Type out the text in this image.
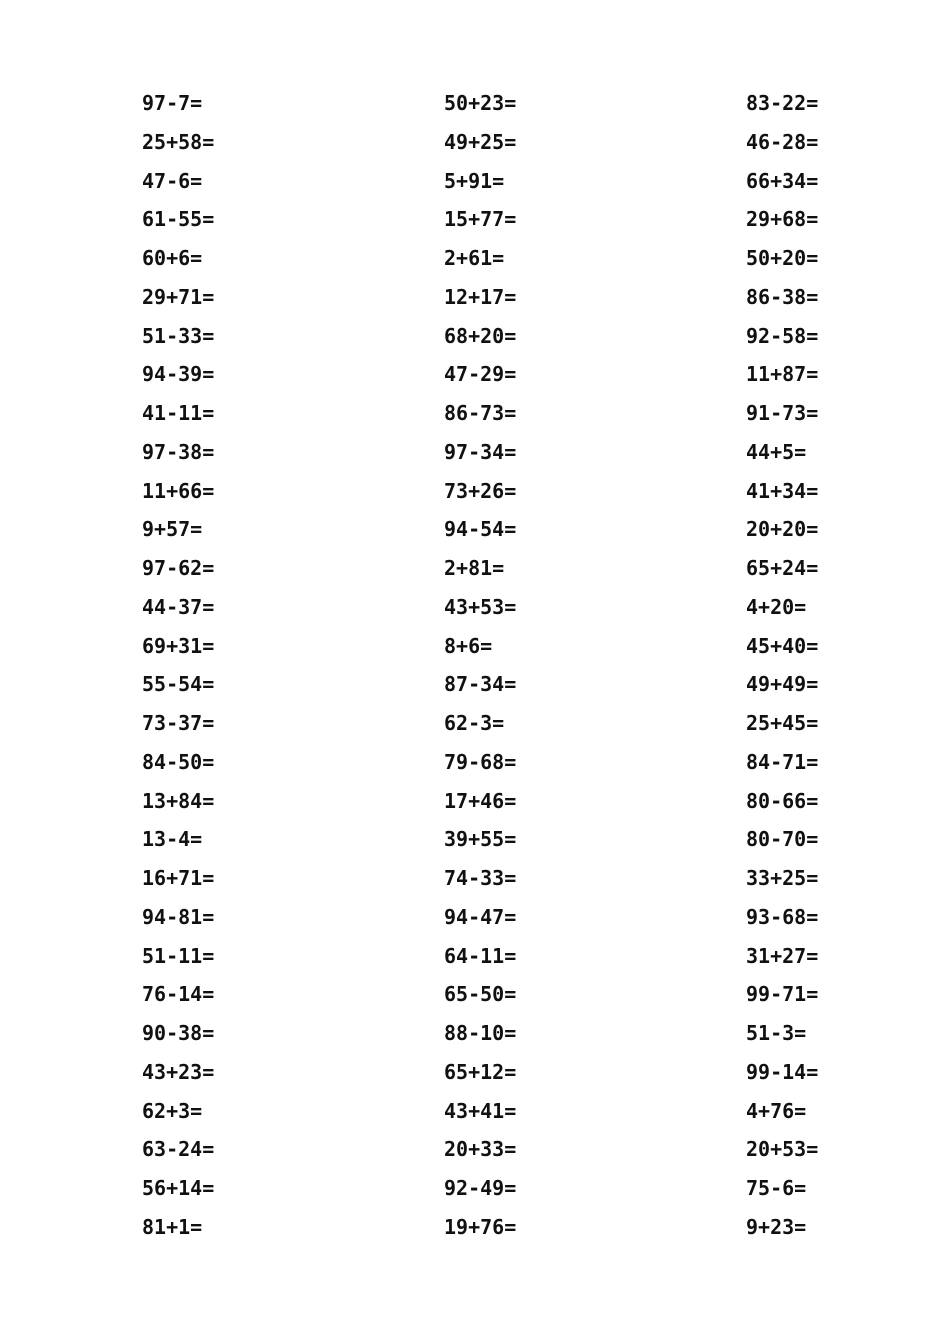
97-7=
25+58=
47-6=
61-55=
60+6=
29+71=
51-33=
94-39=
41-11=
97-38=
11+66=
9+57=
97-62=
44-37=
69+31=
55-54=
73-37=
84-50=
13+84=
13-4=
16+71=
94-81=
51-11=
76-14=
90-38=
43+23=
62+3=
63-24=
56+14=
81+1=
50+23=
49+25=
5+91=
15+77=
2+61=
12+17=
68+20=
47-29=
86-73=
97-34=
73+26=
94-54=
2+81=
43+53=
8+6=
87-34=
62-3=
79-68=
17+46=
39+55=
74-33=
94-47=
64-11=
65-50=
88-10=
65+12=
43+41=
20+33=
92-49=
19+76=
83-22=
46-28=
66+34=
29+68=
50+20=
86-38=
92-58=
11+87=
91-73=
44+5=
41+34=
20+20=
65+24=
4+20=
45+40=
49+49=
25+45=
84-71=
80-66=
80-70=
33+25=
93-68=
31+27=
99-71=
51-3=
99-14=
4+76=
20+53=
75-6=
9+23=
